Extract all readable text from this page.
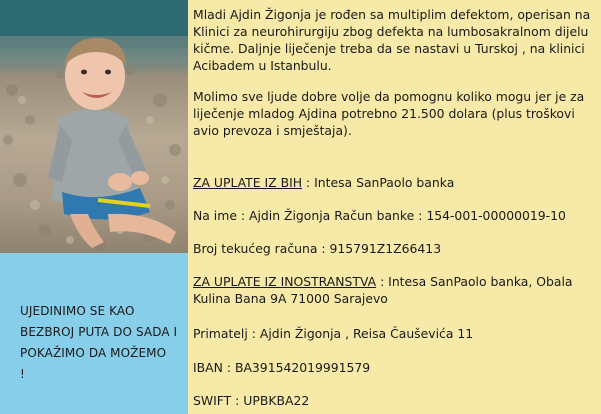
UJEDINIMO SE KAO
BEZBROJ PUTA DO SADA I
POKAŽIMO DA MOŽEMO
!

Mladi Ajdin Žigonja je rođen sa multiplim defektom, operisan na Klinici za neurohirurgiju zbog defekta na lumbosakralnom dijelu kičme. Daljnje liječenje treba da se nastavi u Turskoj , na klinici Acibadem u Istanbulu.

Molimo sve ljude dobre volje da pomognu koliko mogu jer je za liječenje mladog Ajdina potrebno 21.500 dolara (plus troškovi avio prevoza i smještaja).

ZA UPLATE IZ BIH : Intesa SanPaolo banka
Na ime : Ajdin Žigonja Račun banke : 154-001-00000019-10
Broj tekućeg računa : 915791Z1Z66413
ZA UPLATE IZ INOSTRANSTVA : Intesa SanPaolo banka, Obala Kulina Bana 9A 71000 Sarajevo
Primatelj : Ajdin Žigonja , Reisa Čauševića 11
IBAN : BA391542019991579
SWIFT : UPBKBA22
